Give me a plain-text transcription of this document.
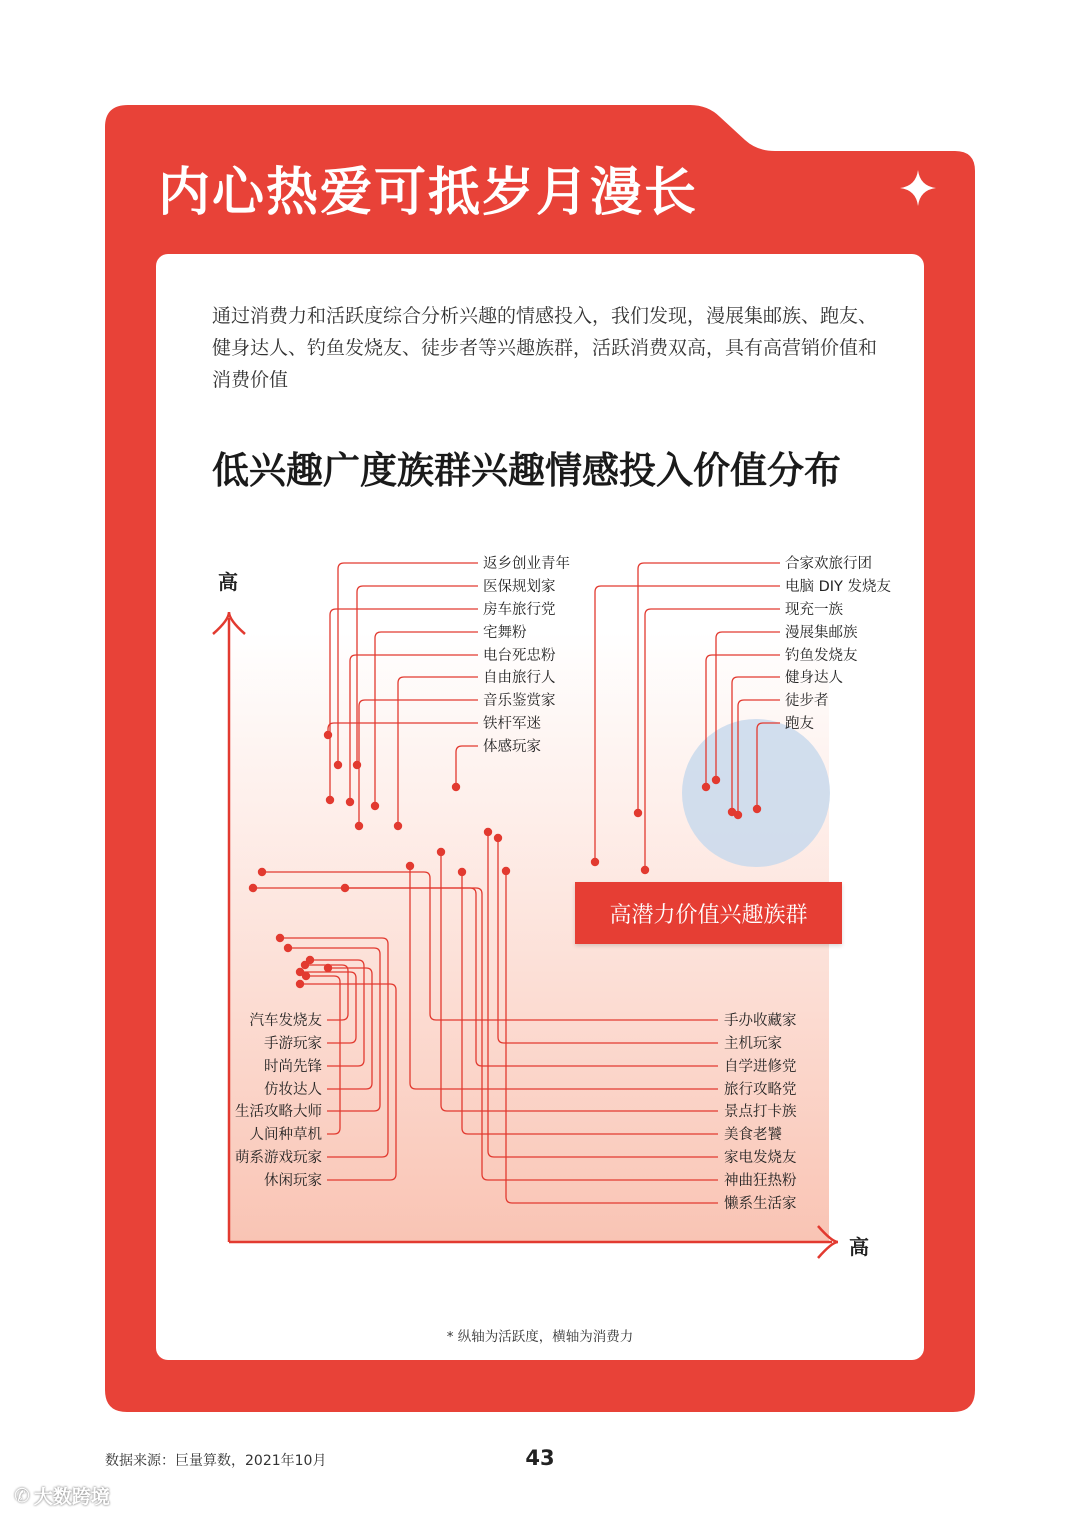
内心热爱可抵岁月漫长

通过消费力和活跃度综合分析兴趣的情感投入，我们发现，漫展集邮族、跑友、健身达人、钓鱼发烧友、徒步者等兴趣族群，活跃消费双高，具有高营销价值和消费价值

低兴趣广度族群兴趣情感投入价值分布
返乡创业青年
医保规划家
房车旅行党
宅舞粉
电台死忠粉
自由旅行人
音乐鉴赏家
铁杆军迷
体感玩家
合家欢旅行团
电脑 DIY 发烧友
现充一族
漫展集邮族
钓鱼发烧友
健身达人
徒步者
跑友
汽车发烧友
手游玩家
时尚先锋
仿妆达人
生活攻略大师
人间种草机
萌系游戏玩家
休闲玩家
手办收藏家
主机玩家
自学进修党
旅行攻略党
景点打卡族
美食老饕
家电发烧友
神曲狂热粉
懒系生活家
高
高
高潜力价值兴趣族群
* 纵轴为活跃度，横轴为消费力
数据来源：巨量算数，2021年10月	43
✆ 大数跨境
